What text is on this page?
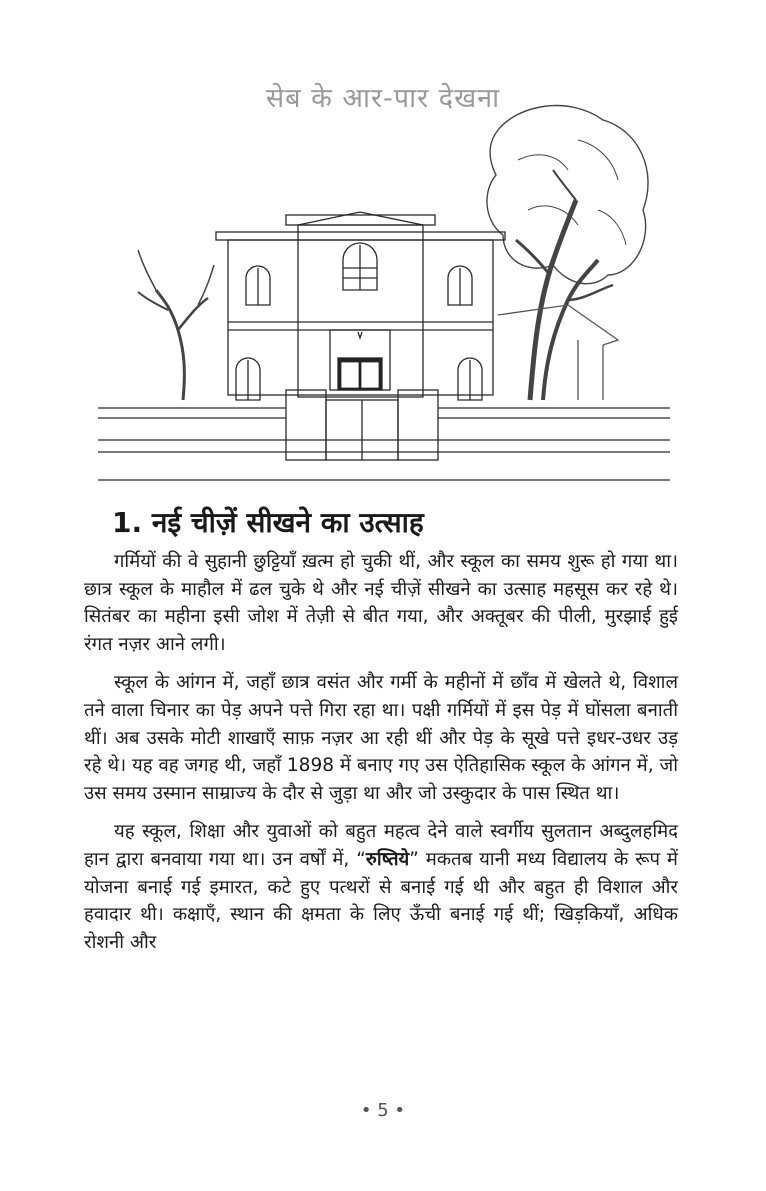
सेब के आर-पार देखना
1. नई चीज़ें सीखने का उत्साह

गर्मियों की वे सुहानी छुट्टियाँ ख़त्म हो चुकी थीं, और स्कूल का समय शुरू हो गया था। छात्र स्कूल के माहौल में ढल चुके थे और नई चीज़ें सीखने का उत्साह महसूस कर रहे थे। सितंबर का महीना इसी जोश में तेज़ी से बीत गया, और अक्तूबर की पीली, मुरझाई हुई रंगत नज़र आने लगी।

स्कूल के आंगन में, जहाँ छात्र वसंत और गर्मी के महीनों में छाँव में खेलते थे, विशाल तने वाला चिनार का पेड़ अपने पत्ते गिरा रहा था। पक्षी गर्मियों में इस पेड़ में घोंसला बनाती थीं। अब उसके मोटी शाखाएँ साफ़ नज़र आ रही थीं और पेड़ के सूखे पत्ते इधर-उधर उड़ रहे थे। यह वह जगह थी, जहाँ 1898 में बनाए गए उस ऐतिहासिक स्कूल के आंगन में, जो उस समय उस्मान साम्राज्य के दौर से जुड़ा था और जो उस्कुदार के पास स्थित था।

यह स्कूल, शिक्षा और युवाओं को बहुत महत्व देने वाले स्वर्गीय सुलतान अब्दुलहमिद हान द्वारा बनवाया गया था। उन वर्षों में, “रुष्तिये” मकतब यानी मध्य विद्यालय के रूप में योजना बनाई गई इमारत, कटे हुए पत्थरों से बनाई गई थी और बहुत ही विशाल और हवादार थी। कक्षाएँ, स्थान की क्षमता के लिए ऊँची बनाई गई थीं; खिड़कियाँ, अधिक रोशनी और

• 5 •
